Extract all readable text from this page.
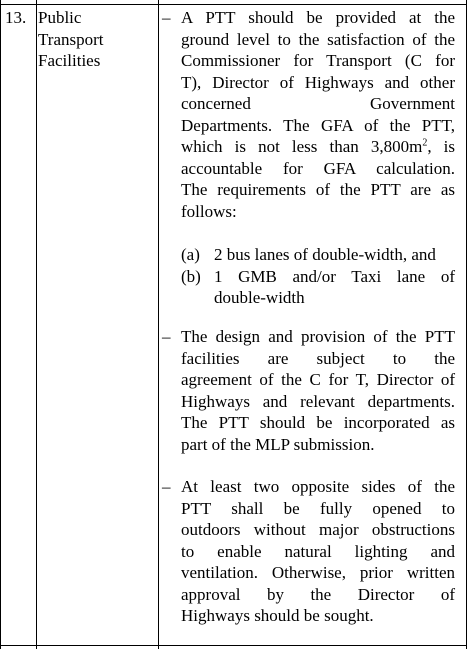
13. Public
Transport
Facilities
– A PTT should be provided at the
ground level to the satisfaction of the
Commissioner for Transport (C for
T), Director of Highways and other
concerned Government
Departments. The GFA of the PTT,
which is not less than $3,800m^2$, is
accountable for GFA calculation.
The requirements of the PTT are as
follows:
(a) 2 bus lanes of double-width, and
(b) 1 GMB and/or Taxi lane of
double-width
– The design and provision of the PTT
facilities are subject to the
agreement of the C for T, Director of
Highways and relevant departments.
The PTT should be incorporated as
part of the MLP submission.
– At least two opposite sides of the
PTT shall be fully opened to
outdoors without major obstructions
to enable natural lighting and
ventilation. Otherwise, prior written
approval by the Director of
Highways should be sought.
